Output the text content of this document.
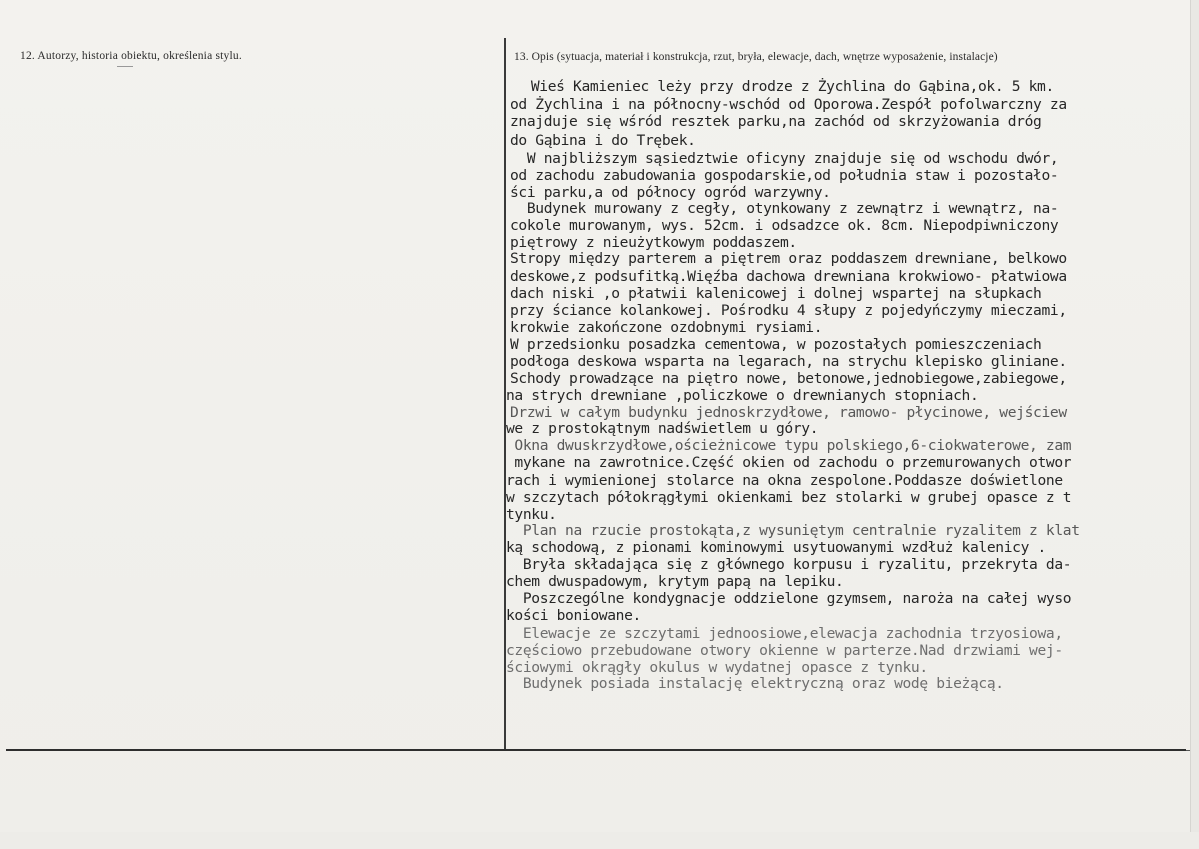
12. Autorzy, historia obiektu, określenia stylu.	13. Opis (sytuacja, materiał i konstrukcja, rzut, bryła, elewacje, dach, wnętrze wyposażenie, instalacje)
Wieś Kamieniec leży przy drodze z Żychlina do Gąbina,ok. 5 km.
od Żychlina i na północny-wschód od Oporowa.Zespół pofolwarczny za
znajduje się wśród resztek parku,na zachód od skrzyżowania dróg
do Gąbina i do Trębek.
W najbliższym sąsiedztwie oficyny znajduje się od wschodu dwór,
od zachodu zabudowania gospodarskie,od południa staw i pozostało-
ści parku,a od północy ogród warzywny.
Budynek murowany z cegły, otynkowany z zewnątrz i wewnątrz, na-
cokole murowanym, wys. 52cm. i odsadzce ok. 8cm. Niepodpiwniczony
piętrowy z nieużytkowym poddaszem.
Stropy między parterem a piętrem oraz poddaszem drewniane, belkowo
deskowe,z podsufitką.Więźba dachowa drewniana krokwiowo- płatwiowa
dach niski ,o płatwii kalenicowej i dolnej wspartej na słupkach
przy ściance kolankowej. Pośrodku 4 słupy z pojedyńczymy mieczami,
krokwie zakończone ozdobnymi rysiami.
W przedsionku posadzka cementowa, w pozostałych pomieszczeniach
podłoga deskowa wsparta na legarach, na strychu klepisko gliniane.
Schody prowadzące na piętro nowe, betonowe,jednobiegowe,zabiegowe,
na strych drewniane ,policzkowe o drewnianych stopniach.
Drzwi w całym budynku jednoskrzydłowe, ramowo- płycinowe, wejściew
we z prostokątnym nadświetlem u góry.
Okna dwuskrzydłowe,ościeżnicowe typu polskiego,6-ciokwaterowe, zam
mykane na zawrotnice.Część okien od zachodu o przemurowanych otwor
rach i wymienionej stolarce na okna zespolone.Poddasze doświetlone
w szczytach półokrągłymi okienkami bez stolarki w grubej opasce z t
tynku.
Plan na rzucie prostokąta,z wysuniętym centralnie ryzalitem z klat
ką schodową, z pionami kominowymi usytuowanymi wzdłuż kalenicy .
Bryła składająca się z głównego korpusu i ryzalitu, przekryta da-
chem dwuspadowym, krytym papą na lepiku.
Poszczególne kondygnacje oddzielone gzymsem, naroża na całej wyso
kości boniowane.
Elewacje ze szczytami jednoosiowe,elewacja zachodnia trzyosiowa,
częściowo przebudowane otwory okienne w parterze.Nad drzwiami wej-
ściowymi okrągły okulus w wydatnej opasce z tynku.
Budynek posiada instalację elektryczną oraz wodę bieżącą.
